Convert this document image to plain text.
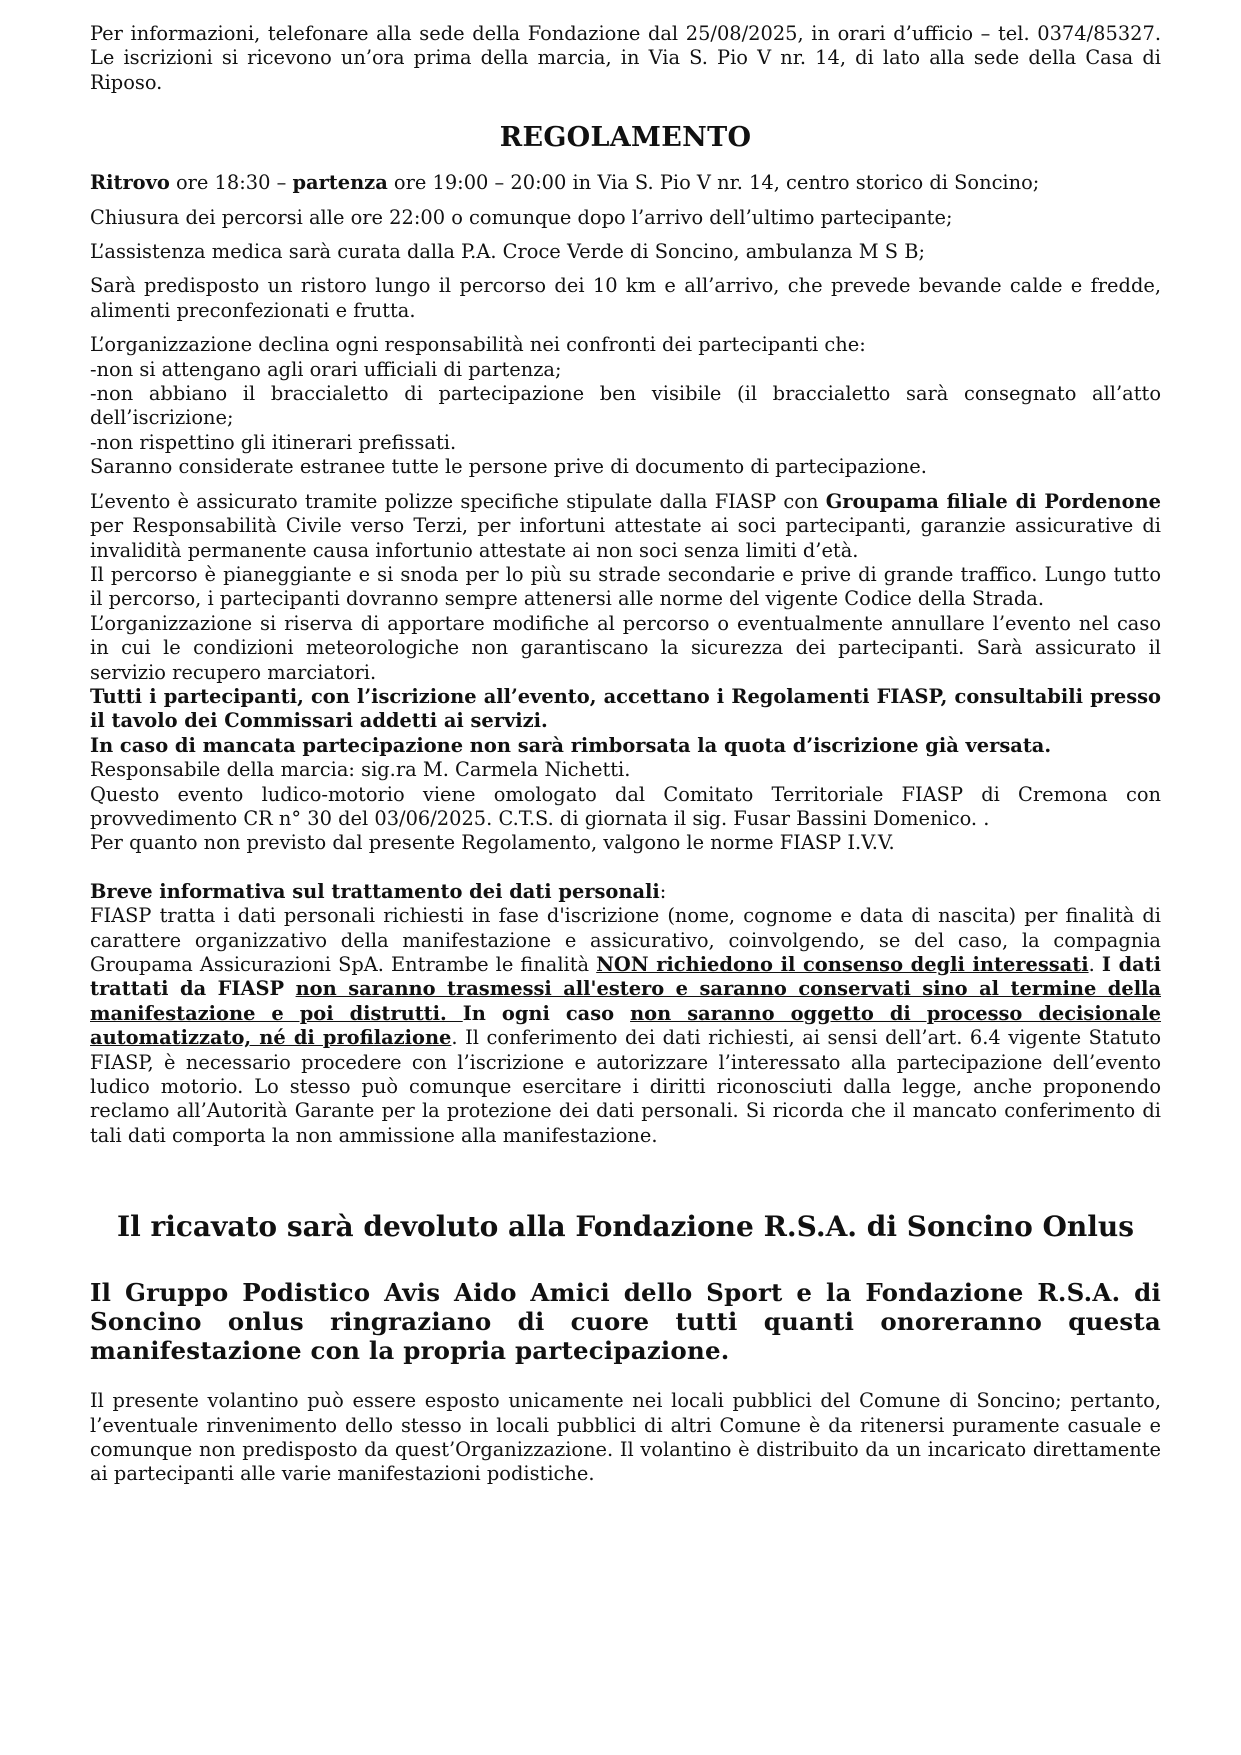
Per informazioni, telefonare alla sede della Fondazione dal 25/08/2025, in orari d’ufficio – tel. 0374/85327. Le iscrizioni si ricevono un’ora prima della marcia, in Via S. Pio V nr. 14, di lato alla sede della Casa di Riposo.

REGOLAMENTO

Ritrovo ore 18:30 – partenza ore 19:00 – 20:00 in Via S. Pio V nr. 14, centro storico di Soncino;

Chiusura dei percorsi alle ore 22:00 o comunque dopo l’arrivo dell’ultimo partecipante;

L’assistenza medica sarà curata dalla P.A. Croce Verde di Soncino, ambulanza M S B;

Sarà predisposto un ristoro lungo il percorso dei 10 km e all’arrivo, che prevede bevande calde e fredde, alimenti preconfezionati e frutta.

L’organizzazione declina ogni responsabilità nei confronti dei partecipanti che:

-non si attengano agli orari ufficiali di partenza;

-non abbiano il braccialetto di partecipazione ben visibile (il braccialetto sarà consegnato all’atto dell’iscrizione;

-non rispettino gli itinerari prefissati.

Saranno considerate estranee tutte le persone prive di documento di partecipazione.

L’evento è assicurato tramite polizze specifiche stipulate dalla FIASP con Groupama filiale di Pordenone per Responsabilità Civile verso Terzi, per infortuni attestate ai soci partecipanti, garanzie assicurative di invalidità permanente causa infortunio attestate ai non soci senza limiti d’età.

Il percorso è pianeggiante e si snoda per lo più su strade secondarie e prive di grande traffico. Lungo tutto il percorso, i partecipanti dovranno sempre attenersi alle norme del vigente Codice della Strada.

L’organizzazione si riserva di apportare modifiche al percorso o eventualmente annullare l’evento nel caso in cui le condizioni meteorologiche non garantiscano la sicurezza dei partecipanti. Sarà assicurato il servizio recupero marciatori.

Tutti i partecipanti, con l’iscrizione all’evento, accettano i Regolamenti FIASP, consultabili presso il tavolo dei Commissari addetti ai servizi.

In caso di mancata partecipazione non sarà rimborsata la quota d’iscrizione già versata.

Responsabile della marcia: sig.ra M. Carmela Nichetti.

Questo evento ludico-motorio viene omologato dal Comitato Territoriale FIASP di Cremona con provvedimento CR n° 30 del 03/06/2025. C.T.S. di giornata il sig. Fusar Bassini Domenico. .

Per quanto non previsto dal presente Regolamento, valgono le norme FIASP I.V.V.

Breve informativa sul trattamento dei dati personali:

FIASP tratta i dati personali richiesti in fase d'iscrizione (nome, cognome e data di nascita) per finalità di carattere organizzativo della manifestazione e assicurativo, coinvolgendo, se del caso, la compagnia Groupama Assicurazioni SpA. Entrambe le finalità NON richiedono il consenso degli interessati. I dati trattati da FIASP non saranno trasmessi all'estero e saranno conservati sino al termine della manifestazione e poi distrutti. In ogni caso non saranno oggetto di processo decisionale automatizzato, né di profilazione. Il conferimento dei dati richiesti, ai sensi dell’art. 6.4 vigente Statuto FIASP, è necessario procedere con l’iscrizione e autorizzare l’interessato alla partecipazione dell’evento ludico motorio. Lo stesso può comunque esercitare i diritti riconosciuti dalla legge, anche proponendo reclamo all’Autorità Garante per la protezione dei dati personali. Si ricorda che il mancato conferimento di tali dati comporta la non ammissione alla manifestazione.

Il ricavato sarà devoluto alla Fondazione R.S.A. di Soncino Onlus

Il Gruppo Podistico Avis Aido Amici dello Sport e la Fondazione R.S.A. di Soncino onlus ringraziano di cuore tutti quanti onoreranno questa manifestazione con la propria partecipazione.

Il presente volantino può essere esposto unicamente nei locali pubblici del Comune di Soncino; pertanto, l’eventuale rinvenimento dello stesso in locali pubblici di altri Comune è da ritenersi puramente casuale e comunque non predisposto da quest’Organizzazione. Il volantino è distribuito da un incaricato direttamente ai partecipanti alle varie manifestazioni podistiche.
